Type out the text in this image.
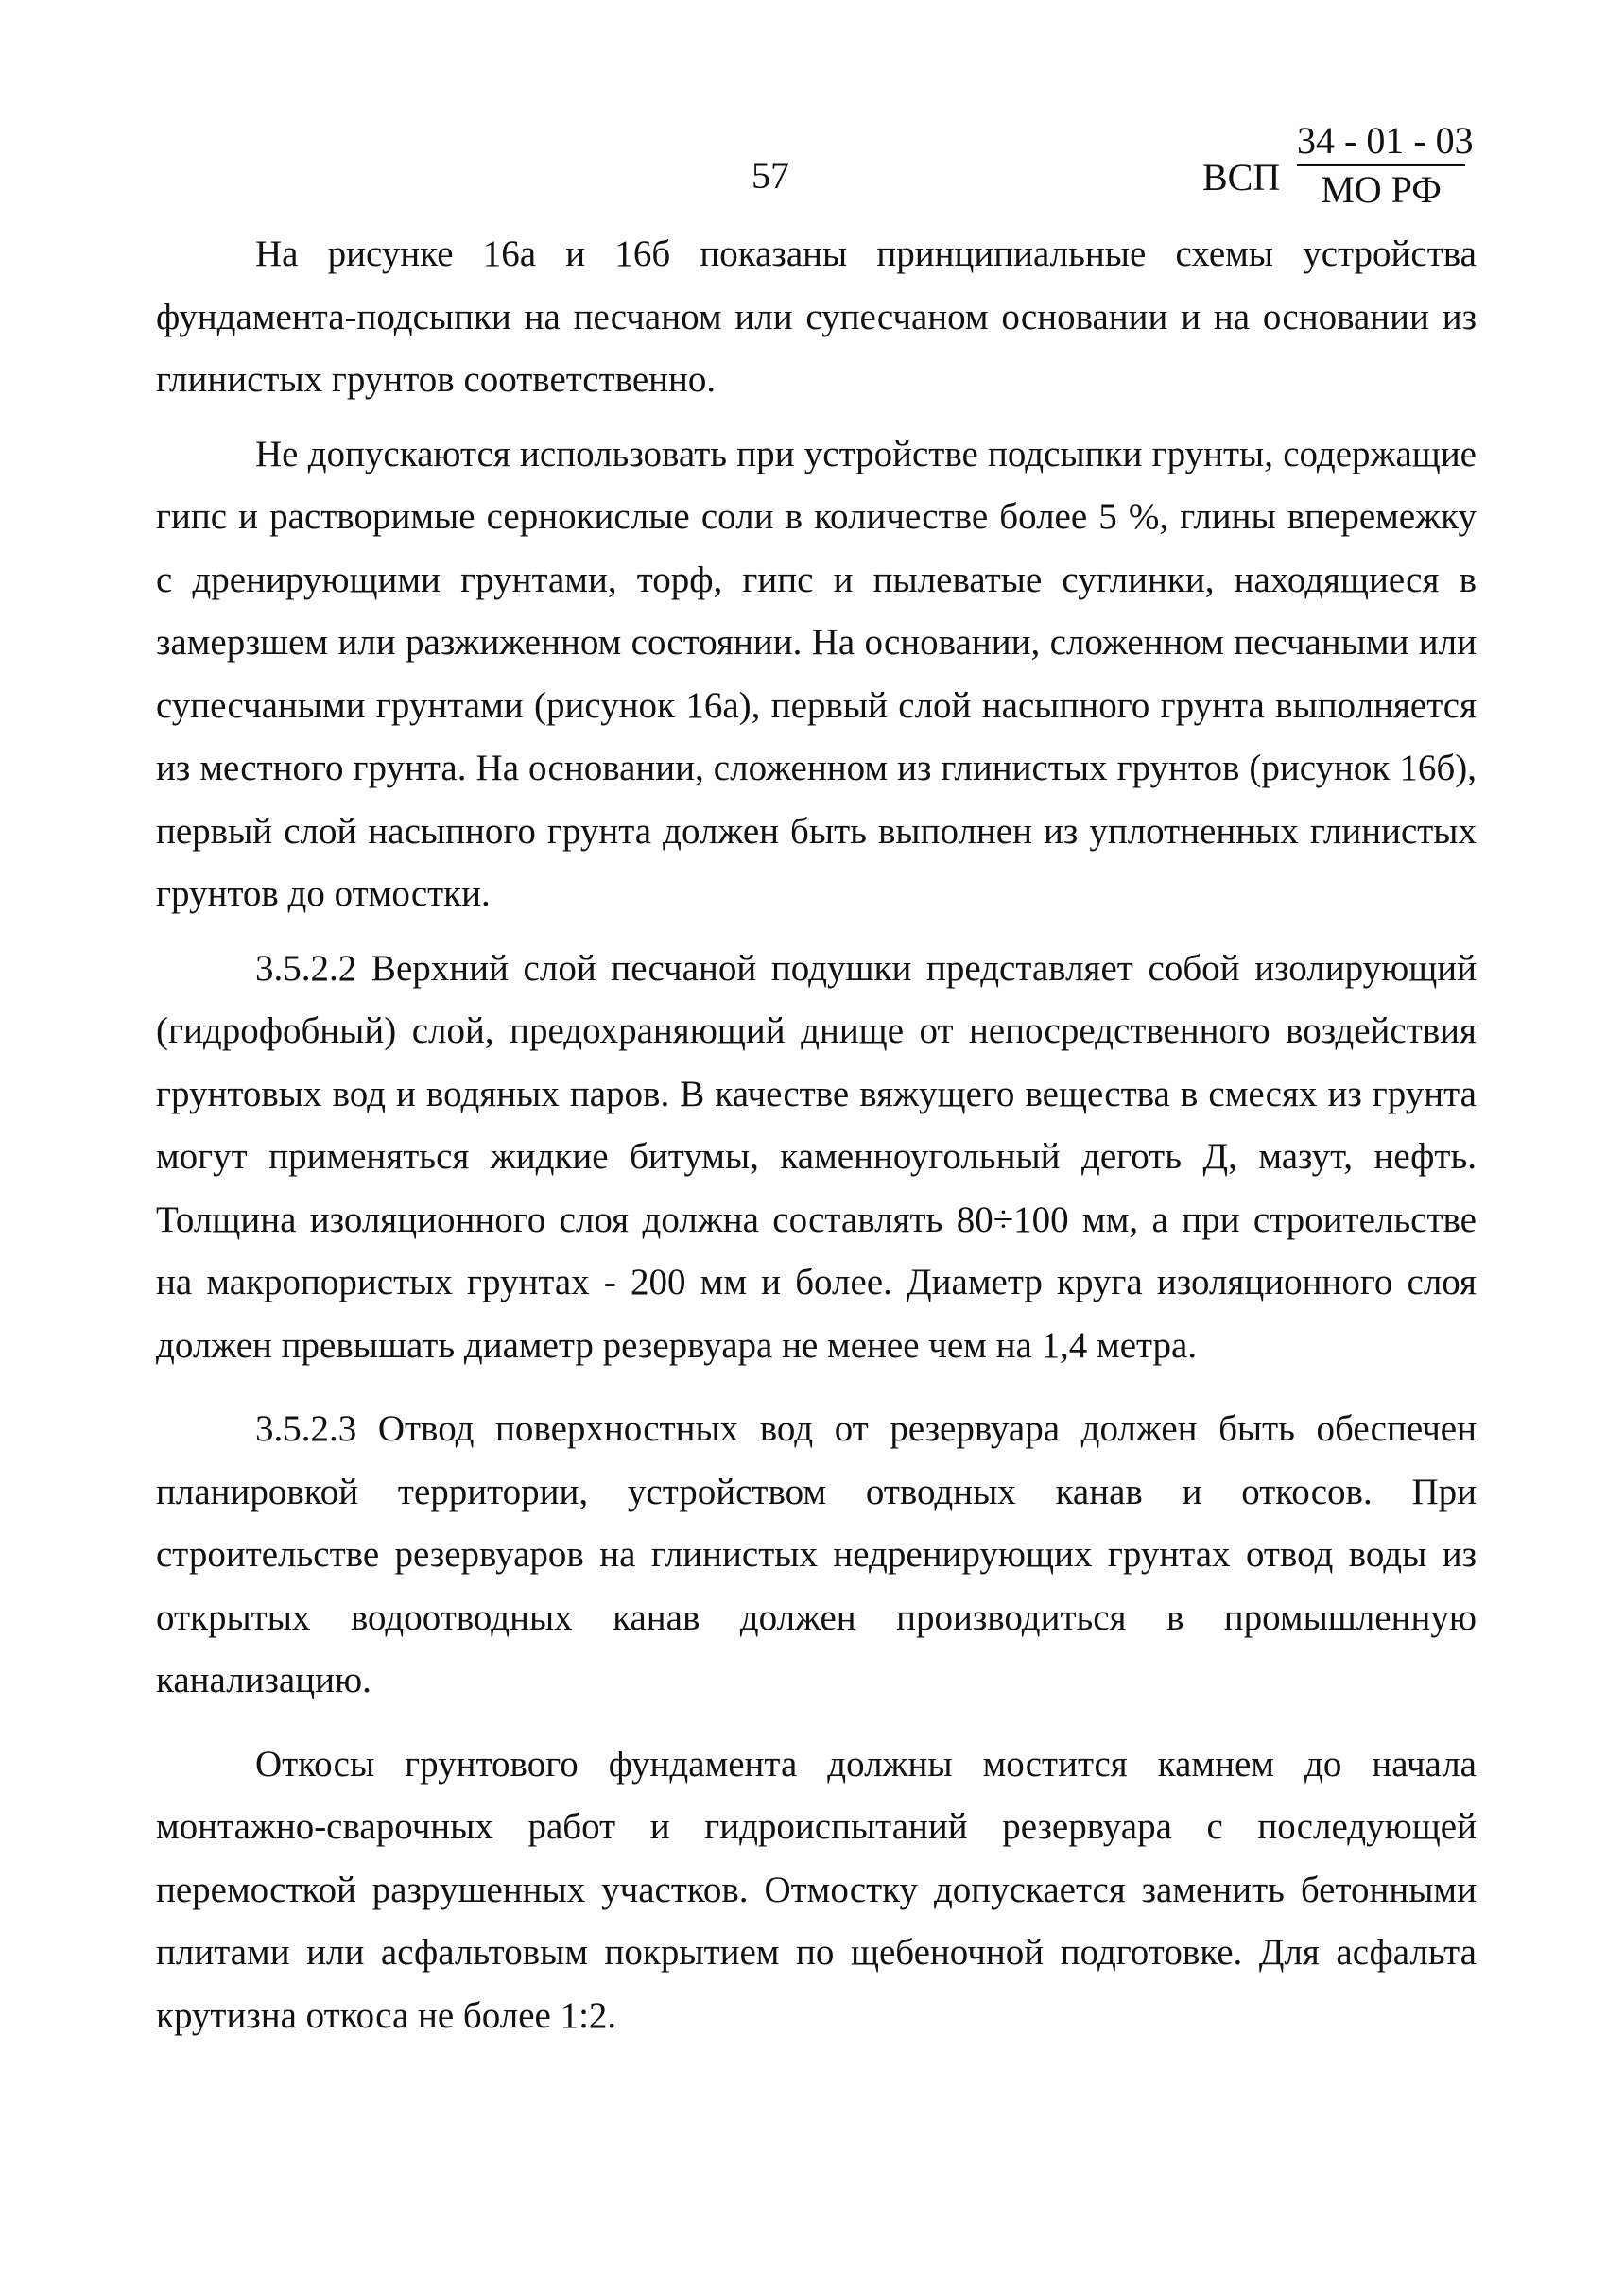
57	ВСП
34 - 01 - 03
МО РФ

На рисунке 16а и 16б показаны принципиальные схемы устройства фундамента-подсыпки на песчаном или супесчаном основании и на основании из глинистых грунтов соответственно.

Не допускаются использовать при устройстве подсыпки грунты, содержащие гипс и растворимые сернокислые соли в количестве более 5 %, глины вперемежку с дренирующими грунтами, торф, гипс и пылеватые суглинки, находящиеся в замерзшем или разжиженном состоянии. На основании, сложенном песчаными или супесчаными грунтами (рисунок 16а), первый слой насыпного грунта выполняется из местного грунта. На основании, сложенном из глинистых грунтов (рисунок 16б), первый слой насыпного грунта должен быть выполнен из уплотненных глинистых грунтов до отмостки.

3.5.2.2 Верхний слой песчаной подушки представляет собой изолирующий (гидрофобный) слой, предохраняющий днище от непосредственного воздействия грунтовых вод и водяных паров. В качестве вяжущего вещества в смесях из грунта могут применяться жидкие битумы, каменноугольный деготь Д, мазут, нефть. Толщина изоляционного слоя должна составлять 80÷100 мм, а при строительстве на макропористых грунтах - 200 мм и более. Диаметр круга изоляционного слоя должен превышать диаметр резервуара не менее чем на 1,4 метра.

3.5.2.3 Отвод поверхностных вод от резервуара должен быть обеспечен планировкой территории, устройством отводных канав и откосов. При строительстве резервуаров на глинистых недренирующих грунтах отвод воды из открытых водоотводных канав должен производиться в промышленную канализацию.

Откосы грунтового фундамента должны мостится камнем до начала монтажно-сварочных работ и гидроиспытаний резервуара с последующей перемосткой разрушенных участков. Отмостку допускается заменить бетонными плитами или асфальтовым покрытием по щебеночной подготовке. Для асфальта крутизна откоса не более 1:2.
